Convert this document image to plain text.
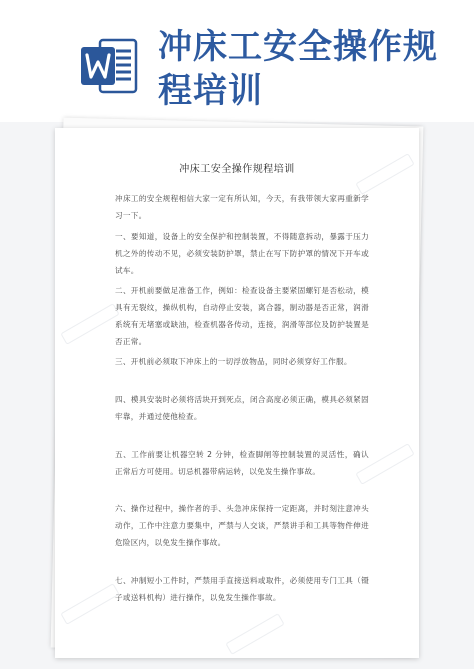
冲床工安全操作规程培训
冲床工安全操作规程培训

冲床工的安全规程相信大家一定有所认知，今天，有我带领大家再重新学习一下。

一、要知道，设备上的安全保护和控制装置，不得随意拆动，暴露于压力机之外的传动不见，必须安装防护罩，禁止在写下防护罩的情况下开车或试车。

二、开机前要做足准备工作，例如：检查设备主要紧固螺钉是否松动，模具有无裂纹，操纵机构，自动停止安装，离合器，制动器是否正常，润滑系统有无堵塞或缺油，检查机器各传动，连接，润滑等部位及防护装置是否正常。

三、开机前必须取下冲床上的一切浮放物品，同时必须穿好工作服。

四、模具安装时必须将活块开到死点，闭合高度必须正确，模具必须紧固牢靠，并通过使他检查。

五、工作前要让机器空转 2 分钟，检查脚闸等控制装置的灵活性，确认正常后方可使用。切忌机器带病运转，以免发生操作事故。

六、操作过程中，操作者的手、头急冲床保持一定距离，并时刻注意冲头动作，工作中注意力要集中，严禁与人交谈，严禁讲手和工具等物件伸进危险区内，以免发生操作事故。

七、冲制短小工件时，严禁用手直接送料或取件，必须使用专门工具（镊子或送料机构）进行操作，以免发生操作事故。
